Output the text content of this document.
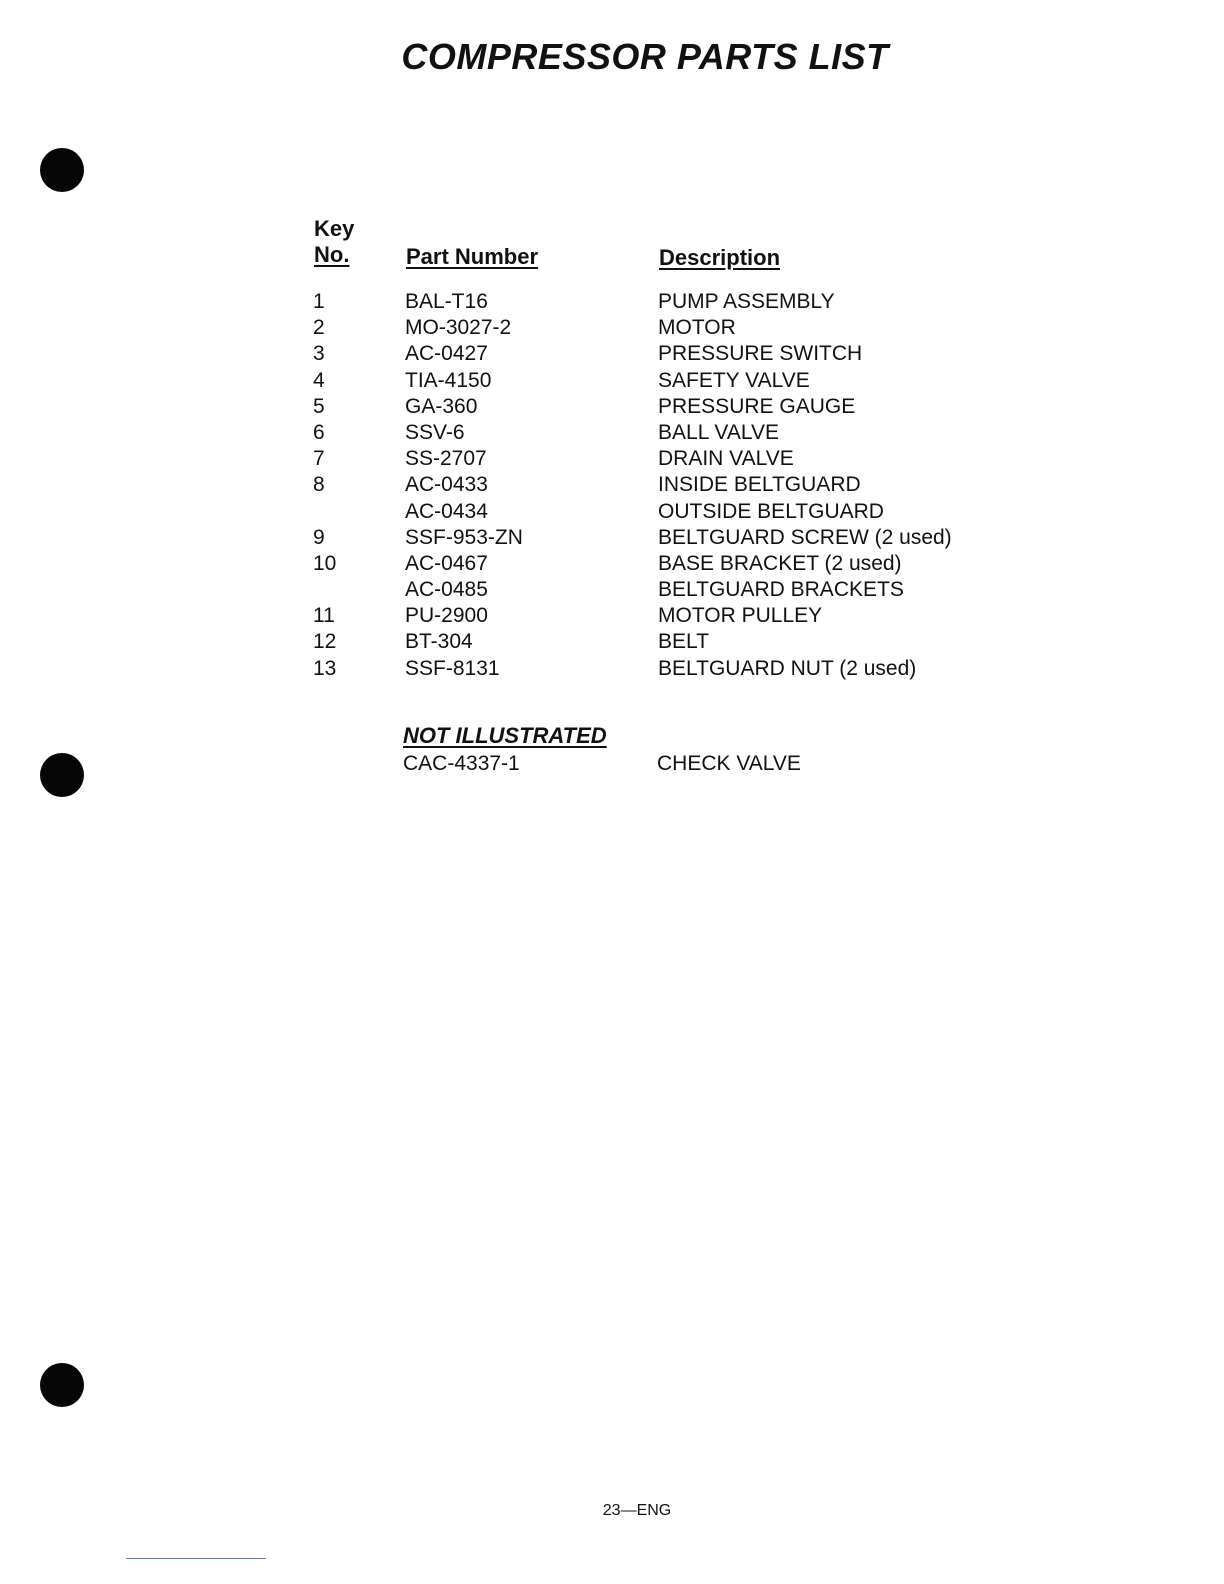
COMPRESSOR PARTS LIST
Key
No.	Part Number	Description
1	BAL-T16	PUMP ASSEMBLY
2	MO-3027-2	MOTOR
3	AC-0427	PRESSURE SWITCH
4	TIA-4150	SAFETY VALVE
5	GA-360	PRESSURE GAUGE
6	SSV-6	BALL VALVE
7	SS-2707	DRAIN VALVE
8	AC-0433	INSIDE BELTGUARD
AC-0434	OUTSIDE BELTGUARD
9	SSF-953-ZN	BELTGUARD SCREW (2 used)
10	AC-0467	BASE BRACKET (2 used)
AC-0485	BELTGUARD BRACKETS
11	PU-2900	MOTOR PULLEY
12	BT-304	BELT
13	SSF-8131	BELTGUARD NUT (2 used)
NOT ILLUSTRATED
CAC-4337-1	CHECK VALVE
23—ENG
